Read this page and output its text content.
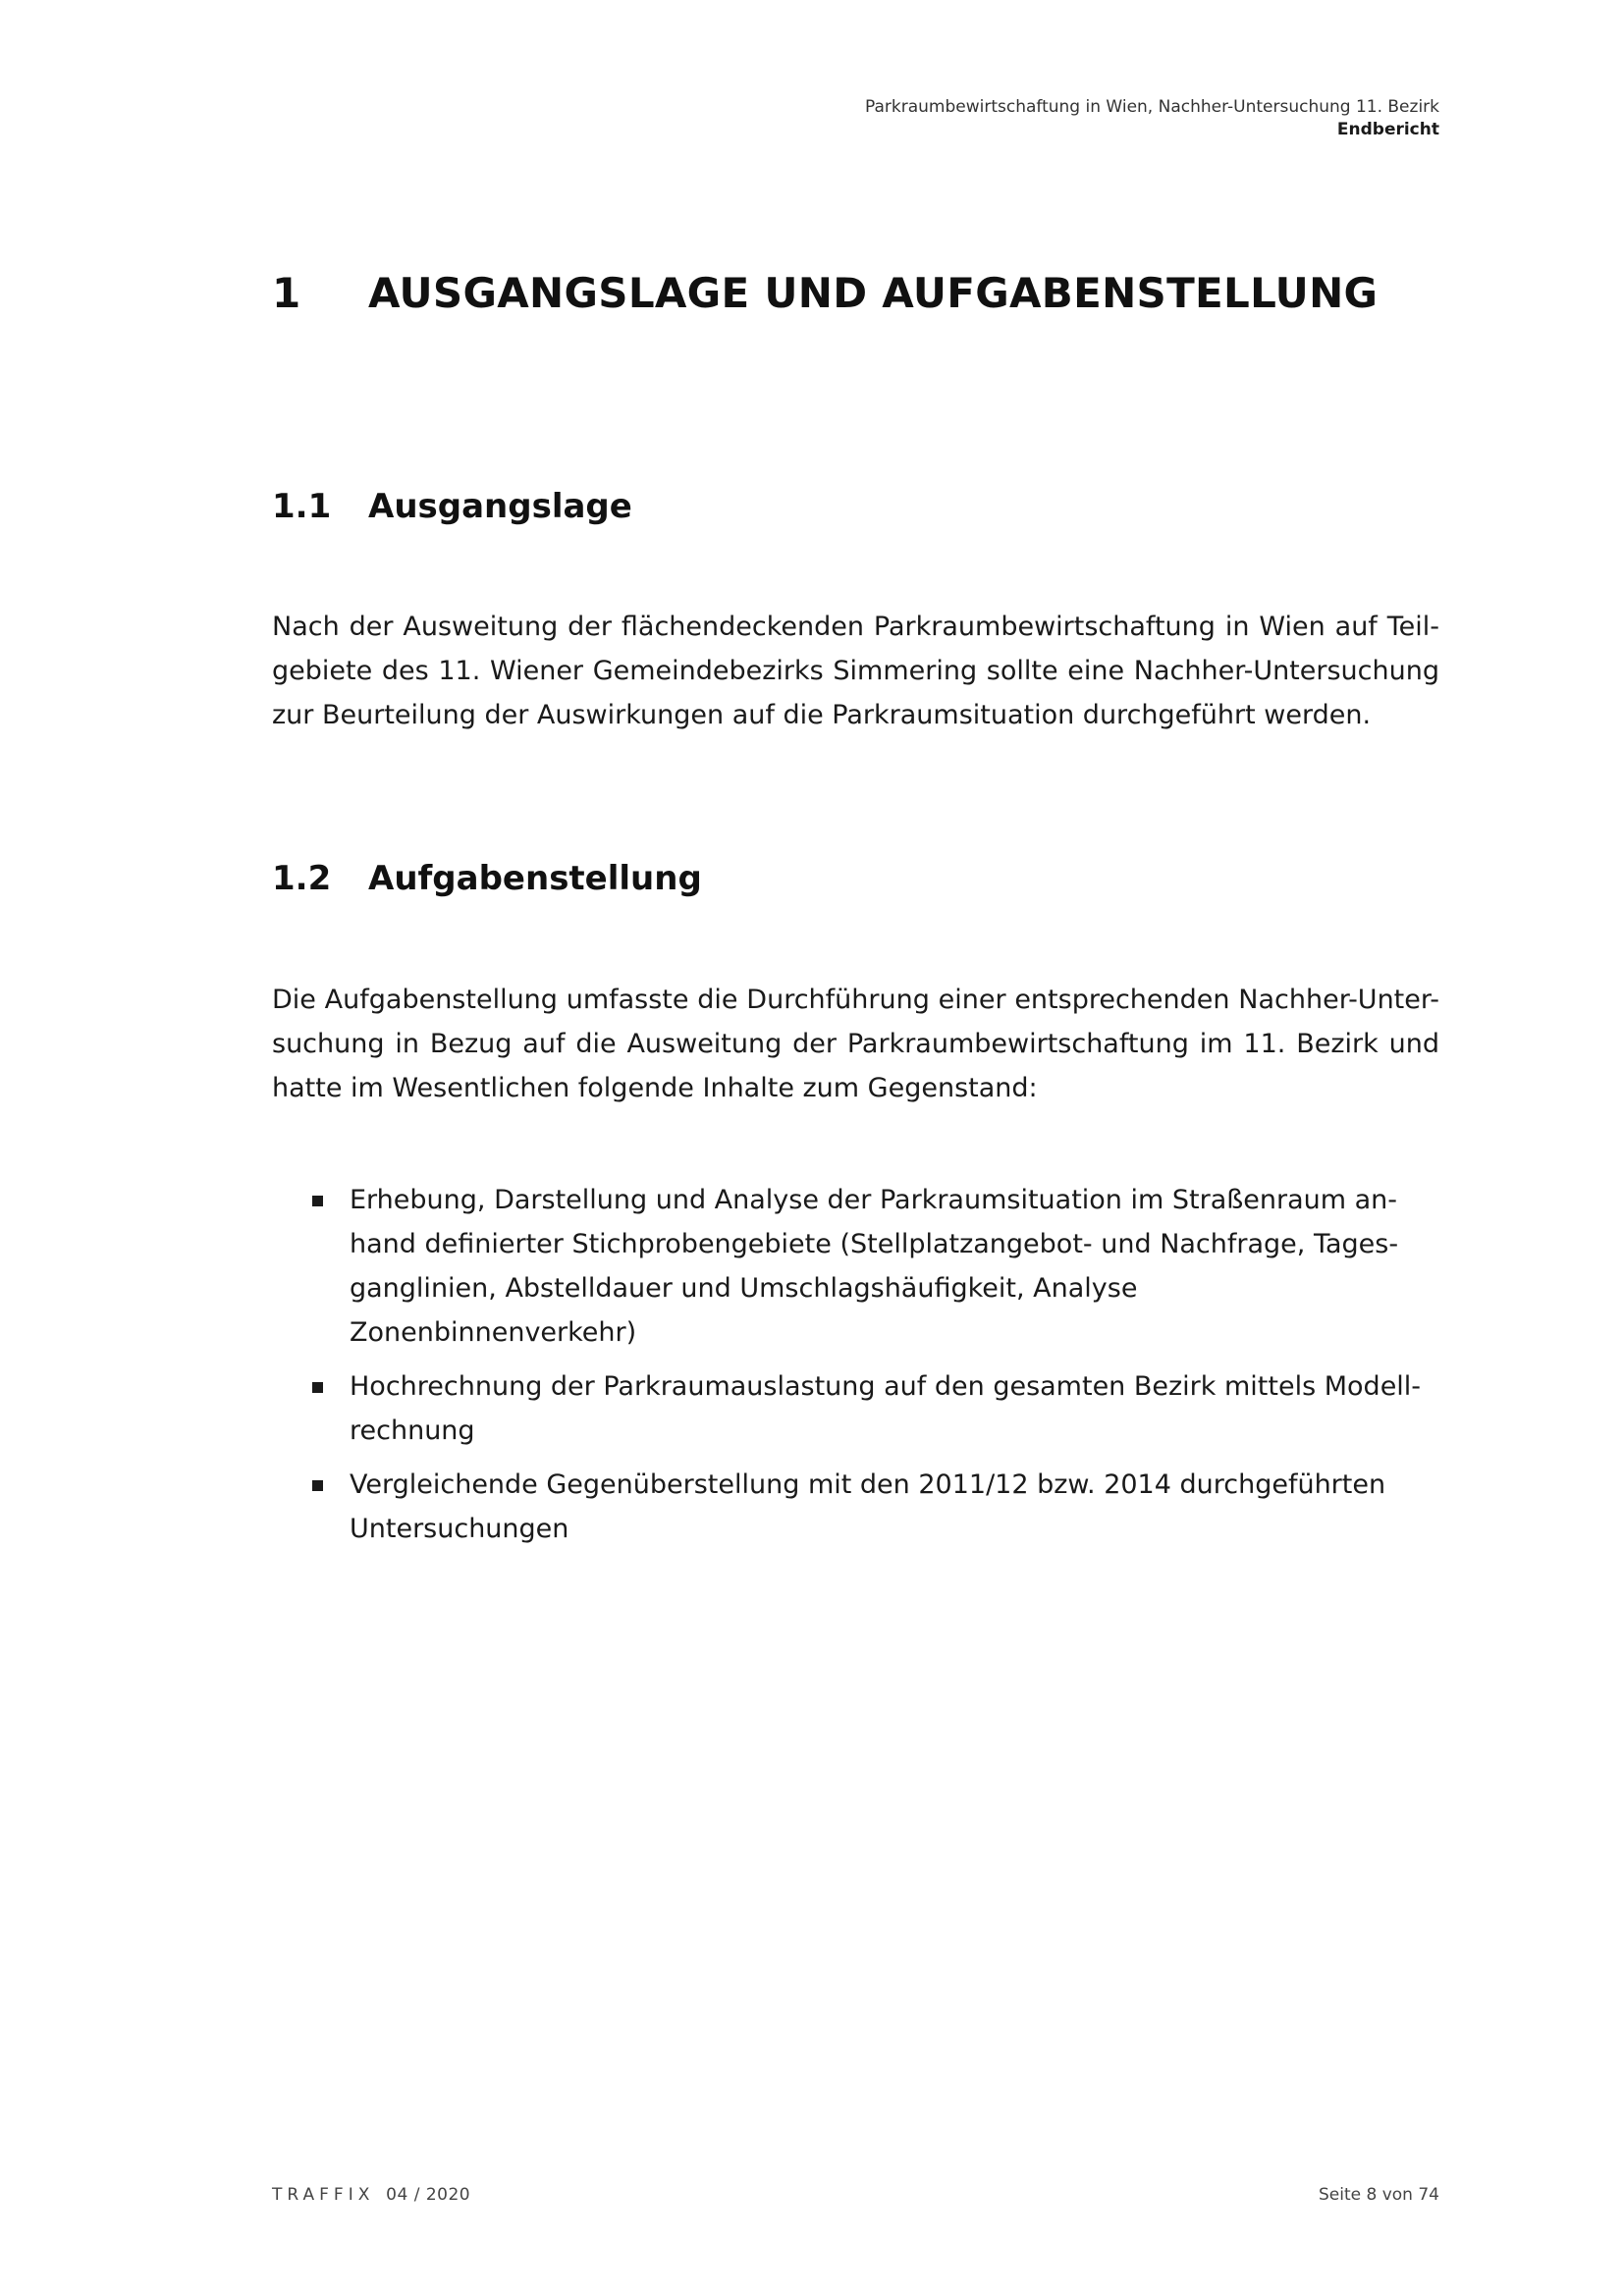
Parkraumbewirtschaftung in Wien, Nachher-Untersuchung 11. Bezirk
Endbericht
1 AUSGANGSLAGE UND AUFGABENSTELLUNG
1.1 Ausgangslage
Nach der Ausweitung der flächendeckenden Parkraumbewirtschaftung in Wien auf Teil-
gebiete des 11. Wiener Gemeindebezirks Simmering sollte eine Nachher-Untersuchung
zur Beurteilung der Auswirkungen auf die Parkraumsituation durchgeführt werden.
1.2 Aufgabenstellung
Die Aufgabenstellung umfasste die Durchführung einer entsprechenden Nachher-Unter-
suchung in Bezug auf die Ausweitung der Parkraumbewirtschaftung im 11. Bezirk und
hatte im Wesentlichen folgende Inhalte zum Gegenstand:
Erhebung, Darstellung und Analyse der Parkraumsituation im Straßenraum an-
hand definierter Stichprobengebiete (Stellplatzangebot- und Nachfrage, Tages-
ganglinien, Abstelldauer und Umschlagshäufigkeit, Analyse Zonenbinnenverkehr)
Hochrechnung der Parkraumauslastung auf den gesamten Bezirk mittels Modell-
rechnung
Vergleichende Gegenüberstellung mit den 2011/12 bzw. 2014 durchgeführten
Untersuchungen
TRAFFIX 04 / 2020	Seite 8 von 74
